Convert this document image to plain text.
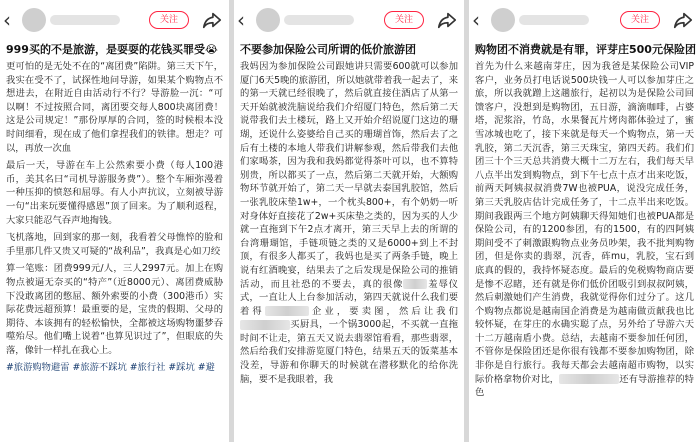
‹	关注
999买的不是旅游，是耍耍的花钱买罪受😭

更可怕的是无处不在的“离团费”陷阱。第三天下午，我实在受不了，试探性地问导游，如果某个购物点不想进去，在附近自由活动行不行？导游脸一沉：“可以啊！不过按照合同，离团要交每人800块离团费！这是公司规定！”那份厚厚的合同，签的时候根本没时间细看，现在成了他们拿捏我们的铁律。想走？可以，再放一次血

最后一天，导游在车上公然索要小费（每人100港币，美其名曰“司机导游服务费”）。整个车厢弥漫着一种压抑的愤怒和屈辱。有人小声抗议，立刻被导游一句“出来玩要懂得感恩”顶了回来。为了顺利返程，大家只能忍气吞声地掏钱。

飞机落地，回到家的那一刻，我看着父母憔悴的脸和手里那几件又贵又可疑的“战利品”，我真是心如刀绞

算一笔账：团费999元/人，三人2997元。加上在购物点被逼无奈买的“特产”（近8000元）、离团费威胁下没敢离团的憋屈、额外索要的小费（300港币）实际花费远超预算！最重要的是，宝贵的假期、父母的期待、本该拥有的轻松愉快，全都被这场购物噩梦吞噬殆尽。他们嘴上说着“也算见识过了”，但眼底的失落，像针一样扎在我心上。

#旅游购物避雷 #旅游不踩坑 #旅行社 #踩坑 #避

‹	关注
不要参加保险公司所谓的低价旅游团

我妈因为参加保险公司跟她讲只需要600就可以参加厦门6天5晚的旅游团，所以她就带着我一起去了，来的第一天就已经很晚了，然后就直接住酒店了从第一天开始就被洗脑说给我们介绍厦门特色，然后第二天说带我们去土楼玩，路上又开始介绍说厦门这边的珊瑚，还说什么姿婆给自己买的珊瑚首饰，然后去了之后有土楼的本地人带我们讲解参观，然后带我们去他们家喝茶，因为我和我妈都觉得茶叶可以，也不算特别贵，所以都买了一点，然后第二天就开始，大额购物环节就开始了，第二天一早就去泰国乳胶馆，然后一张乳胶床垫1w+，一个枕头800+，有个奶奶一听对身体好直接花了2w+买床垫之类的，因为买的人少就一直拖到下午2点才离开，第三天早上去的所谓的台湾珊瑚馆，手链项链之类的又是6000+到上不封顶，有很多人都买了，我妈也是买了两条手链，晚上说有红酒晚宴，结果去了之后发现是保险公司的推销活动，而且社恐的不要去，真的很像	羞辱仪式，一直让人上台参加活动，第四天就说什么我们要着得	企业，要卖图，然后让我们买厨具，一个锅3000起，不买就一直拖时间不让走，第五天又说去翡翠馆看看，那些翡翠，然后给我们安排游览厦门特色，结果五天的饭菜基本没差，导游和你聊天的时候就在潜移默化的给你洗脑，要不是我眼着，我

‹	关注
购物团不消费就是有罪，评芽庄500元保险团

首先为什么来越南芽庄，因为我爸是某保险公司VIP客户，业务员打电话说500块钱一人可以参加芽庄之旅，所以我就蹭上这趟旅行，起初以为是保险公司回馈客户，没想到是购物团，五日游，滴滴咖啡，占婆塔，泥浆浴，竹岛，水果餐瓦片烤肉都体验过了，蜜雪冰城也吃了，接下来就是每天一个购物点，第一天乳胶，第二天沉香，第三天珠宝，第四天药。我们们团三十个三天总共消费大概十二万左右，我们每天早八点半出发到购物点，到下午七点十点才出来吃饭，前两天阿姨叔叔消费7W也被PUA，说没完成任务，第三天乳胶店估计完成任务了，十二点半出来吃饭。期间我跟两三个地方阿姨聊天得知她们也被PUA都是保险公司，有的1200参团，有的1500，有的四阿姨期间受不了刺激跟购物点业务员吵架，我不批判购物团，但是你卖的翡翠，沉香，砗mu，乳胶，宝石到底真的假的，我持怀疑态度。最后的免税购物商店要是惨不忍睹，还有就是你们低价团吸引到叔叔阿姨，然后刺激她们产生消费，我就觉得你们过分了。这几个购物点都说是越南国企消费是为越南做贡献我也比较怀疑，在芽庄的水确实聪了点，另外给了导游六天十二万越南盾小费。总结，去越南不要参加任何团，不管你是保险团还是你很有钱都不要参加购物团，除非你是自行旅行。我每天都会去越南超市购物，以实际价格拿物价对比，	还有导游推荐的特色
